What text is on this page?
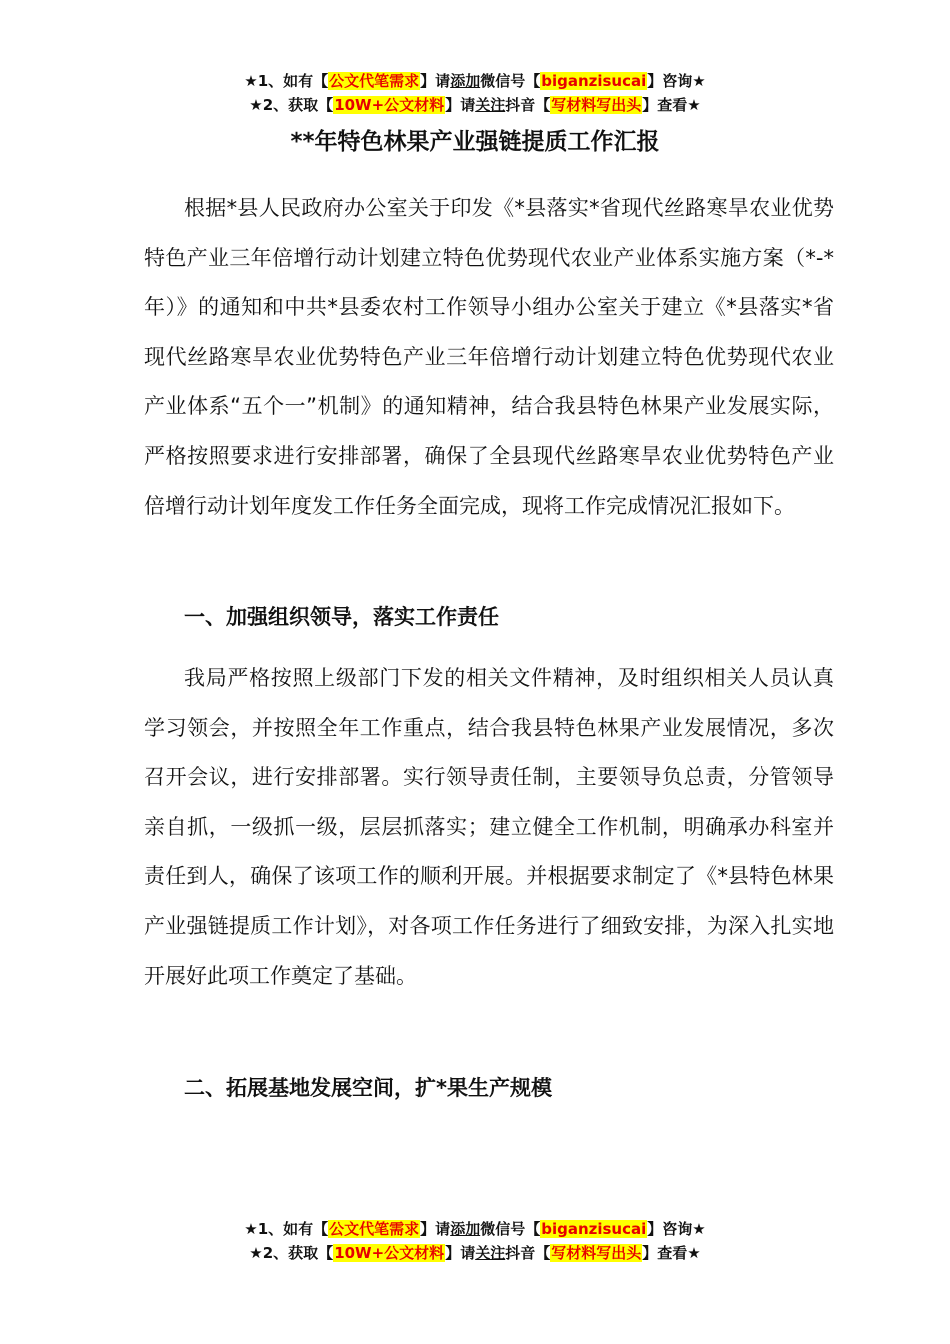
★1、如有【公文代笔需求】请添加微信号【biganzisucai】咨询★
★2、获取【10W+公文材料】请关注抖音【写材料写出头】查看★
**年特色林果产业强链提质工作汇报
根据*县人民政府办公室关于印发《*县落实*省现代丝路寒旱农业优势特色产业三年倍增行动计划建立特色优势现代农业产业体系实施方案（*-*年）》的通知和中共*县委农村工作领导小组办公室关于建立《*县落实*省现代丝路寒旱农业优势特色产业三年倍增行动计划建立特色优势现代农业产业体系“五个一”机制》的通知精神，结合我县特色林果产业发展实际，严格按照要求进行安排部署，确保了全县现代丝路寒旱农业优势特色产业倍增行动计划年度发工作任务全面完成，现将工作完成情况汇报如下。
一、加强组织领导，落实工作责任
我局严格按照上级部门下发的相关文件精神，及时组织相关人员认真学习领会，并按照全年工作重点，结合我县特色林果产业发展情况，多次召开会议，进行安排部署。实行领导责任制，主要领导负总责，分管领导亲自抓，一级抓一级，层层抓落实；建立健全工作机制，明确承办科室并责任到人，确保了该项工作的顺利开展。并根据要求制定了《*县特色林果产业强链提质工作计划》，对各项工作任务进行了细致安排，为深入扎实地开展好此项工作奠定了基础。
二、拓展基地发展空间，扩*果生产规模
★1、如有【公文代笔需求】请添加微信号【biganzisucai】咨询★
★2、获取【10W+公文材料】请关注抖音【写材料写出头】查看★
